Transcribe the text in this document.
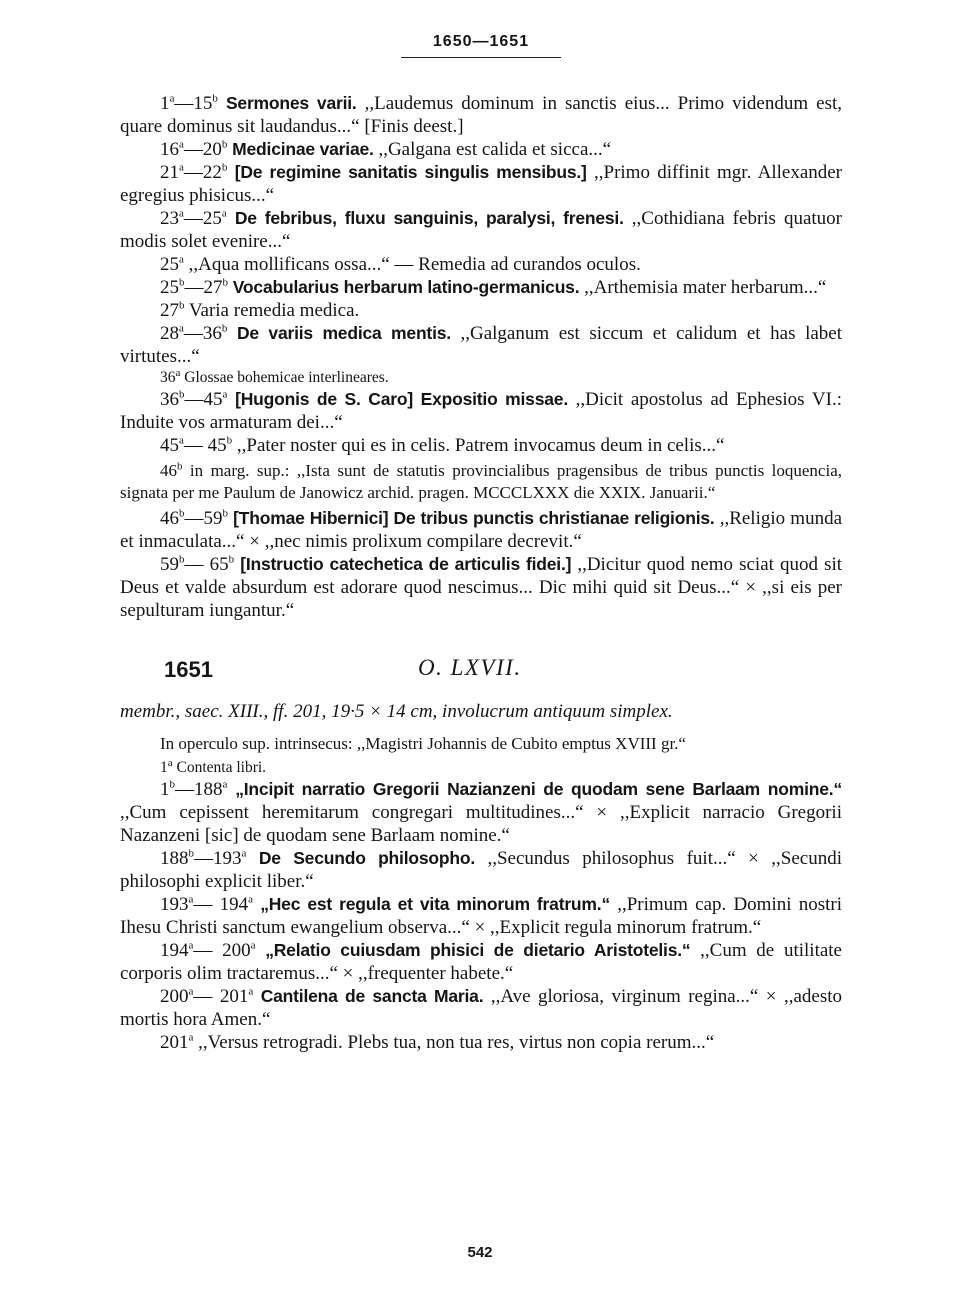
1650—1651

1$^a$—15$^b$ Sermones varii. ,,Laudemus dominum in sanctis eius... Primo videndum est, quare dominus sit laudandus...“ [Finis deest.]

16$^a$—20$^b$ Medicinae variae. ,,Galgana est calida et sicca...“

21$^a$—22$^b$ [De regimine sanitatis singulis mensibus.] ,,Primo diffinit mgr. Allexander egregius phisicus...“

23$^a$—25$^a$ De febribus, fluxu sanguinis, paralysi, frenesi. ,,Cothidiana febris quatuor modis solet evenire...“

25$^a$ ,,Aqua mollificans ossa...“ — Remedia ad curandos oculos.

25$^b$—27$^b$ Vocabularius herbarum latino-germanicus. ,,Arthemisia mater herbarum...“

27$^b$ Varia remedia medica.

28$^a$—36$^b$ De variis medica mentis. ,,Galganum est siccum et calidum et has labet virtutes...“

36$^a$ Glossae bohemicae interlineares.

36$^b$—45$^a$ [Hugonis de S. Caro] Expositio missae. ,,Dicit apostolus ad Ephesios VI.: Induite vos armaturam dei...“

45$^a$— 45$^b$ ,,Pater noster qui es in celis. Patrem invocamus deum in celis...“

46$^b$ in marg. sup.: ,,Ista sunt de statutis provincialibus pragensibus de tribus punctis loquencia, signata per me Paulum de Janowicz archid. pragen. MCCCLXXX die XXIX. Januarii.“

46$^b$—59$^b$ [Thomae Hibernici] De tribus punctis christianae religionis. ,,Religio munda et inmaculata...“ × ,,nec nimis prolixum compilare decrevit.“

59$^b$— 65$^b$ [Instructio catechetica de articulis fidei.] ,,Dicitur quod nemo sciat quod sit Deus et valde absurdum est adorare quod nescimus... Dic mihi quid sit Deus...“ × ,,si eis per sepulturam iungantur.“

1651	O. LXVII.

membr., saec. XIII., ff. 201, 19·5 × 14 cm, involucrum antiquum simplex.

In operculo sup. intrinsecus: ,,Magistri Johannis de Cubito emptus XVIII gr.“

1$^a$ Contenta libri.

1$^b$—188$^a$ „Incipit narratio Gregorii Nazianzeni de quodam sene Barlaam nomine.“ ,,Cum cepissent heremitarum congregari multitudines...“ × ,,Explicit narracio Gregorii Nazanzeni [sic] de quodam sene Barlaam nomine.“

188$^b$—193$^a$ De Secundo philosopho. ,,Secundus philosophus fuit...“ × ,,Secundi philosophi explicit liber.“

193$^a$— 194$^a$ „Hec est regula et vita minorum fratrum.“ ,,Primum cap. Domini nostri Ihesu Christi sanctum ewangelium observa...“ × ,,Explicit regula minorum fratrum.“

194$^a$— 200$^a$ „Relatio cuiusdam phisici de dietario Aristotelis.“ ,,Cum de utilitate corporis olim tractaremus...“ × ,,frequenter habete.“

200$^a$— 201$^a$ Cantilena de sancta Maria. ,,Ave gloriosa, virginum regina...“ × ,,adesto mortis hora Amen.“

201$^a$ ,,Versus retrogradi. Plebs tua, non tua res, virtus non copia rerum...“

542
